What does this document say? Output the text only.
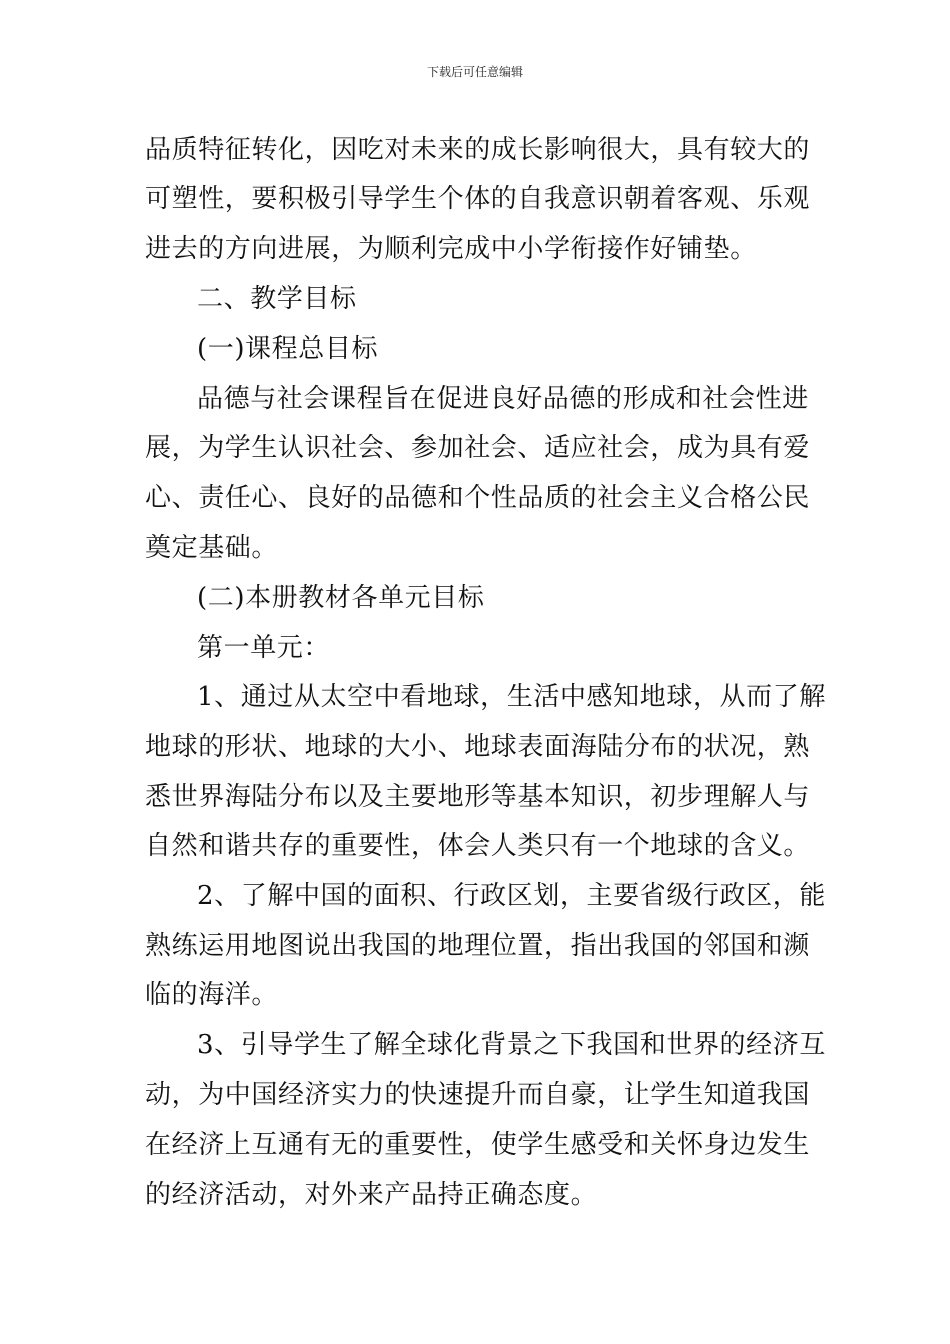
下载后可任意编辑
品质特征转化，因吃对未来的成长影响很大，具有较大的
可塑性，要积极引导学生个体的自我意识朝着客观、乐观
进去的方向进展，为顺利完成中小学衔接作好铺垫。
二、教学目标
(一)课程总目标
品德与社会课程旨在促进良好品德的形成和社会性进
展，为学生认识社会、参加社会、适应社会，成为具有爱
心、责任心、良好的品德和个性品质的社会主义合格公民
奠定基础。
(二)本册教材各单元目标
第一单元：
1、通过从太空中看地球，生活中感知地球，从而了解
地球的形状、地球的大小、地球表面海陆分布的状况，熟
悉世界海陆分布以及主要地形等基本知识，初步理解人与
自然和谐共存的重要性，体会人类只有一个地球的含义。
2、了解中国的面积、行政区划，主要省级行政区，能
熟练运用地图说出我国的地理位置，指出我国的邻国和濒
临的海洋。
3、引导学生了解全球化背景之下我国和世界的经济互
动，为中国经济实力的快速提升而自豪，让学生知道我国
在经济上互通有无的重要性，使学生感受和关怀身边发生
的经济活动，对外来产品持正确态度。
